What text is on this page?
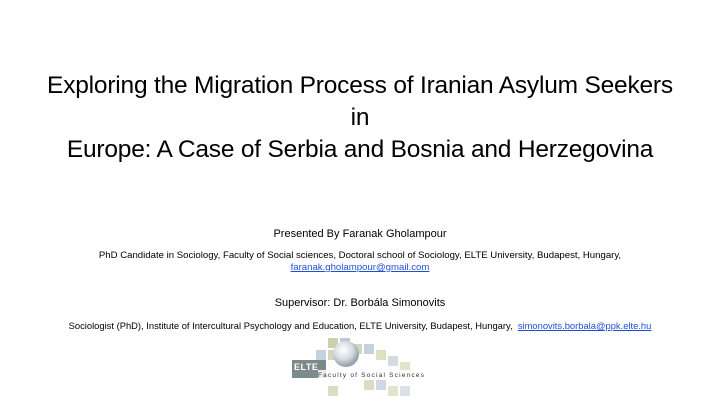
Exploring the Migration Process of Iranian Asylum Seekers in
Europe: A Case of Serbia and Bosnia and Herzegovina
Presented By Faranak Gholampour
PhD Candidate in Sociology, Faculty of Social sciences, Doctoral school of Sociology, ELTE University, Budapest, Hungary,
faranak.gholampour@gmail.com
Supervisor: Dr. Borbála Simonovits
Sociologist (PhD), Institute of Intercultural Psychology and Education, ELTE University, Budapest, Hungary, simonovits.borbala@ppk.elte.hu
ELTE
Faculty of Social Sciences
